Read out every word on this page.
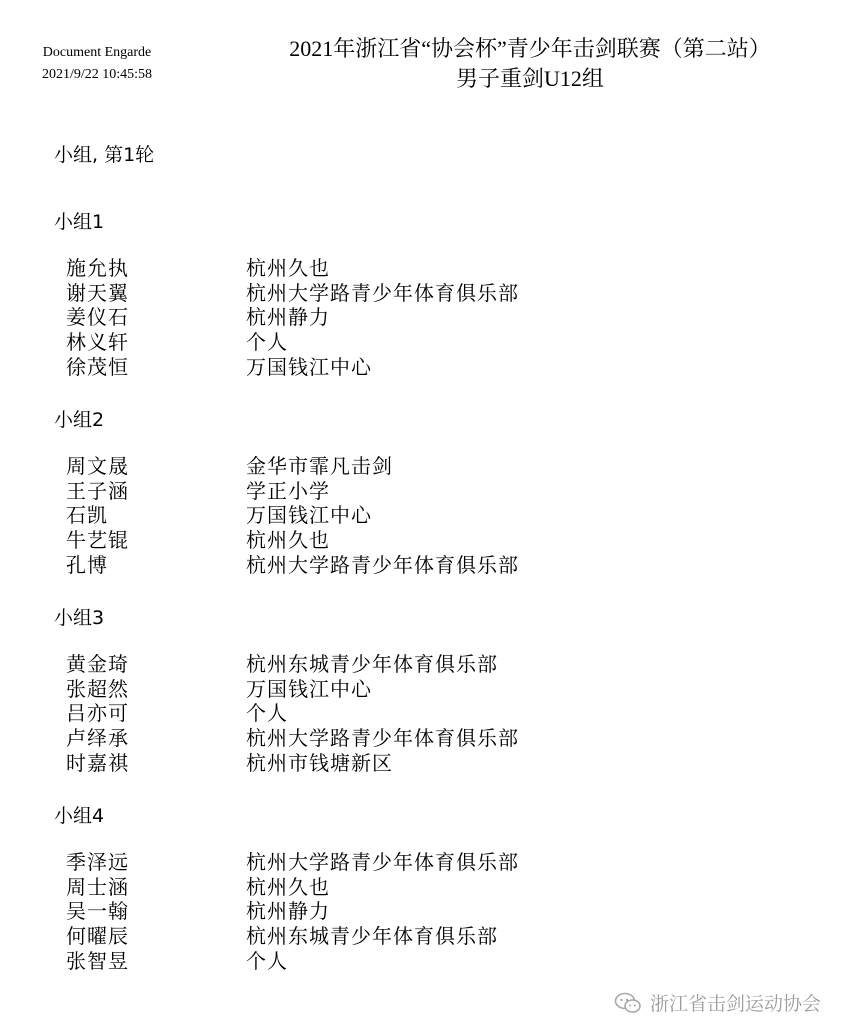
Document Engarde
2021/9/22 10:45:58
2021年浙江省“协会杯”青少年击剑联赛（第二站）
男子重剑U12组
小组, 第1轮
小组1
施允执	杭州久也
谢天翼	杭州大学路青少年体育俱乐部
姜仪石	杭州静力
林义轩	个人
徐茂恒	万国钱江中心
小组2
周文晟	金华市霏凡击剑
王子涵	学正小学
石凯	万国钱江中心
牛艺锟	杭州久也
孔博	杭州大学路青少年体育俱乐部
小组3
黄金琦	杭州东城青少年体育俱乐部
张超然	万国钱江中心
吕亦可	个人
卢绎承	杭州大学路青少年体育俱乐部
时嘉祺	杭州市钱塘新区
小组4
季泽远	杭州大学路青少年体育俱乐部
周士涵	杭州久也
吴一翰	杭州静力
何曜辰	杭州东城青少年体育俱乐部
张智昱	个人
浙江省击剑运动协会
